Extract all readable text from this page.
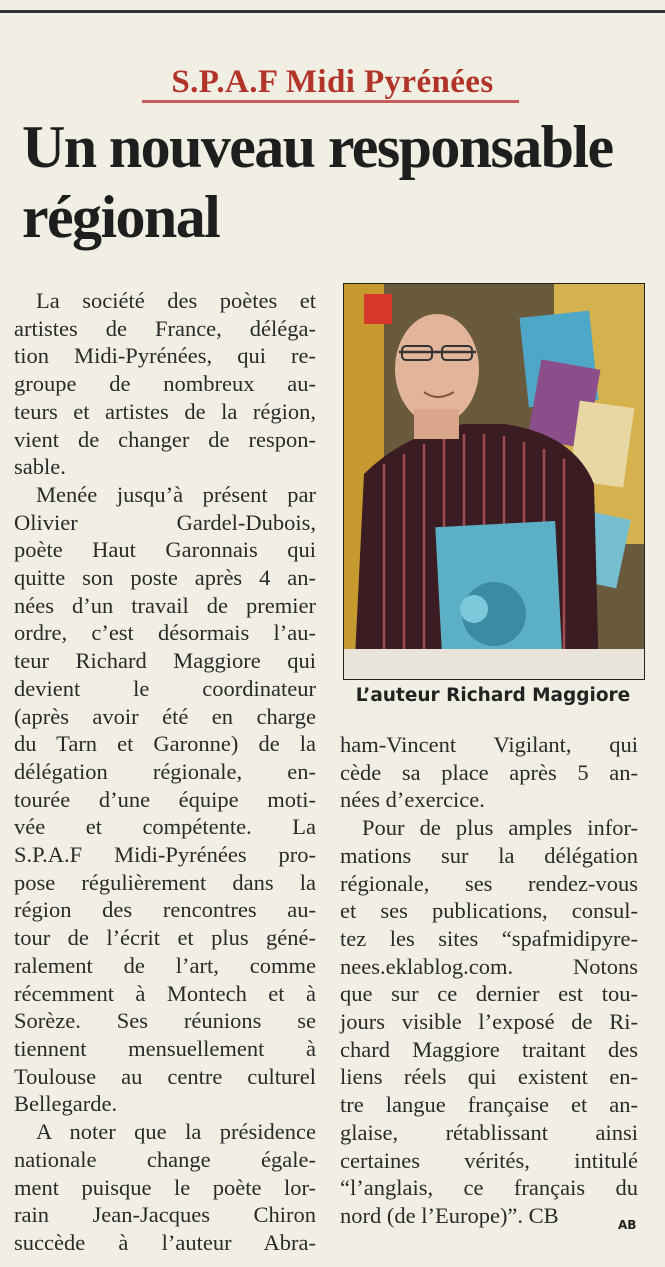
S.P.A.F Midi Pyrénées
Un nouveau responsable
régional
La société des poètes et
artistes de France, déléga-
tion Midi-Pyrénées, qui re-
groupe de nombreux au-
teurs et artistes de la région,
vient de changer de respon-
sable.
Menée jusqu’à présent par
Olivier Gardel-Dubois,
poète Haut Garonnais qui
quitte son poste après 4 an-
nées d’un travail de premier
ordre, c’est désormais l’au-
teur Richard Maggiore qui
devient le coordinateur
(après avoir été en charge
du Tarn et Garonne) de la
délégation régionale, en-
tourée d’une équipe moti-
vée et compétente. La
S.P.A.F Midi-Pyrénées pro-
pose régulièrement dans la
région des rencontres au-
tour de l’écrit et plus géné-
ralement de l’art, comme
récemment à Montech et à
Sorèze. Ses réunions se
tiennent mensuellement à
Toulouse au centre culturel
Bellegarde.
A noter que la présidence
nationale change égale-
ment puisque le poète lor-
rain Jean-Jacques Chiron
succède à l’auteur Abra-
L’auteur Richard Maggiore
ham-Vincent Vigilant, qui
cède sa place après 5 an-
nées d’exercice.
Pour de plus amples infor-
mations sur la délégation
régionale, ses rendez-vous
et ses publications, consul-
tez les sites “spafmidipyre-
nees.eklablog.com. Notons
que sur ce dernier est tou-
jours visible l’exposé de Ri-
chard Maggiore traitant des
liens réels qui existent en-
tre langue française et an-
glaise, rétablissant ainsi
certaines vérités, intitulé
“l’anglais, ce français du
nord (de l’Europe)”. CB	AB
